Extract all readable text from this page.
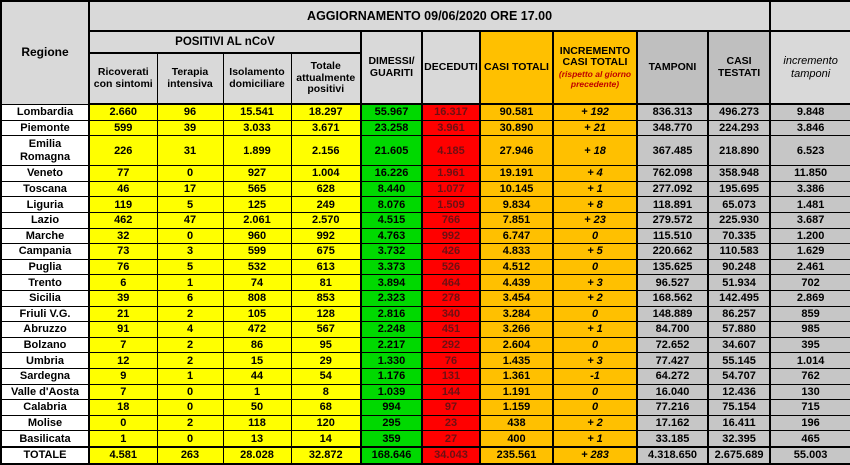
Regione	AGGIORNAMENTO 09/06/2020 ORE 17.00										
	POSITIVI AL nCoV				DIMESSI/ GUARITI	DECEDUTI	CASI TOTALI	INCREMENTO
CASI TOTALI
(rispetto al giorno precedente)	TAMPONI	CASI TESTATI	incremento tamponi
	Ricoverati con sintomi	Terapia intensiva	Isolamento domiciliare	Totale attualmente positivi							
Lombardia	2.660	96	15.541	18.297	55.967	16.317	90.581	+ 192	836.313	496.273	9.848
Piemonte	599	39	3.033	3.671	23.258	3.961	30.890	+ 21	348.770	224.293	3.846
Emilia Romagna	226	31	1.899	2.156	21.605	4.185	27.946	+ 18	367.485	218.890	6.523
Veneto	77	0	927	1.004	16.226	1.961	19.191	+ 4	762.098	358.948	11.850
Toscana	46	17	565	628	8.440	1.077	10.145	+ 1	277.092	195.695	3.386
Liguria	119	5	125	249	8.076	1.509	9.834	+ 8	118.891	65.073	1.481
Lazio	462	47	2.061	2.570	4.515	766	7.851	+ 23	279.572	225.930	3.687
Marche	32	0	960	992	4.763	992	6.747	0	115.510	70.335	1.200
Campania	73	3	599	675	3.732	426	4.833	+ 5	220.662	110.583	1.629
Puglia	76	5	532	613	3.373	526	4.512	0	135.625	90.248	2.461
Trento	6	1	74	81	3.894	464	4.439	+ 3	96.527	51.934	702
Sicilia	39	6	808	853	2.323	278	3.454	+ 2	168.562	142.495	2.869
Friuli V.G.	21	2	105	128	2.816	340	3.284	0	148.889	86.257	859
Abruzzo	91	4	472	567	2.248	451	3.266	+ 1	84.700	57.880	985
Bolzano	7	2	86	95	2.217	292	2.604	0	72.652	34.607	395
Umbria	12	2	15	29	1.330	76	1.435	+ 3	77.427	55.145	1.014
Sardegna	9	1	44	54	1.176	131	1.361	-1	64.272	54.707	762
Valle d'Aosta	7	0	1	8	1.039	144	1.191	0	16.040	12.436	130
Calabria	18	0	50	68	994	97	1.159	0	77.216	75.154	715
Molise	0	2	118	120	295	23	438	+ 2	17.162	16.411	196
Basilicata	1	0	13	14	359	27	400	+ 1	33.185	32.395	465
TOTALE	4.581	263	28.028	32.872	168.646	34.043	235.561	+ 283	4.318.650	2.675.689	55.003
